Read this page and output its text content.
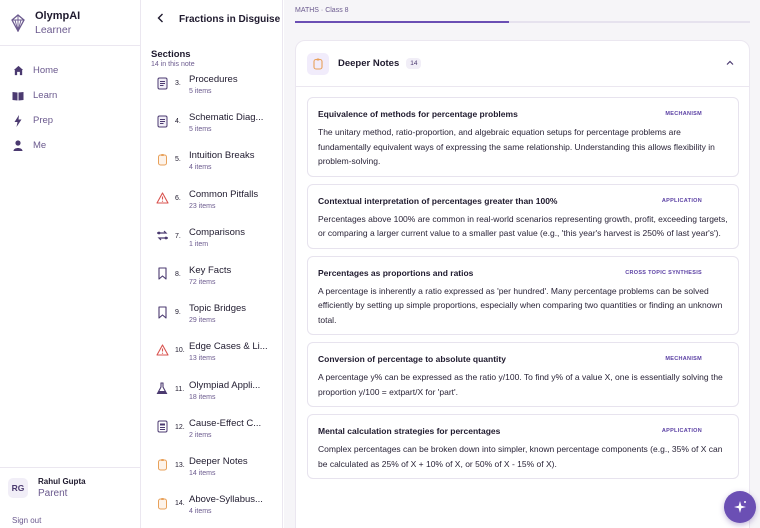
OlympAI
Learner
Home
Learn
Prep
Me
RG
Rahul Gupta
Parent
Sign out
Fractions in Disguise
Sections
14 in this note
3. Procedures
5 items
4. Schematic Diag...
5 items
5. Intuition Breaks
4 items
6. Common Pitfalls
23 items
7. Comparisons
1 item
8. Key Facts
72 items
9. Topic Bridges
29 items
10. Edge Cases & Li...
13 items
11. Olympiad Appli...
18 items
12. Cause-Effect C...
2 items
13. Deeper Notes
14 items
14. Above-Syllabus...
4 items
MATHS · Class 8
Deeper Notes	14
Equivalence of methods for percentage problems	MECHANISM
The unitary method, ratio-proportion, and algebraic equation setups for percentage problems are fundamentally equivalent ways of expressing the same relationship. Understanding this allows flexibility in problem-solving.
Contextual interpretation of percentages greater than 100%	APPLICATION
Percentages above 100% are common in real-world scenarios representing growth, profit, exceeding targets, or comparing a larger current value to a smaller past value (e.g., 'this year's harvest is 250% of last year's').
Percentages as proportions and ratios	CROSS TOPIC SYNTHESIS
A percentage is inherently a ratio expressed as 'per hundred'. Many percentage problems can be solved efficiently by setting up simple proportions, especially when comparing two quantities or finding an unknown total.
Conversion of percentage to absolute quantity	MECHANISM
A percentage y% can be expressed as the ratio y/100. To find y% of a value X, one is essentially solving the proportion y/100 = extpart/X for 'part'.
Mental calculation strategies for percentages	APPLICATION
Complex percentages can be broken down into simpler, known percentage components (e.g., 35% of X can be calculated as 25% of X + 10% of X, or 50% of X - 15% of X).
